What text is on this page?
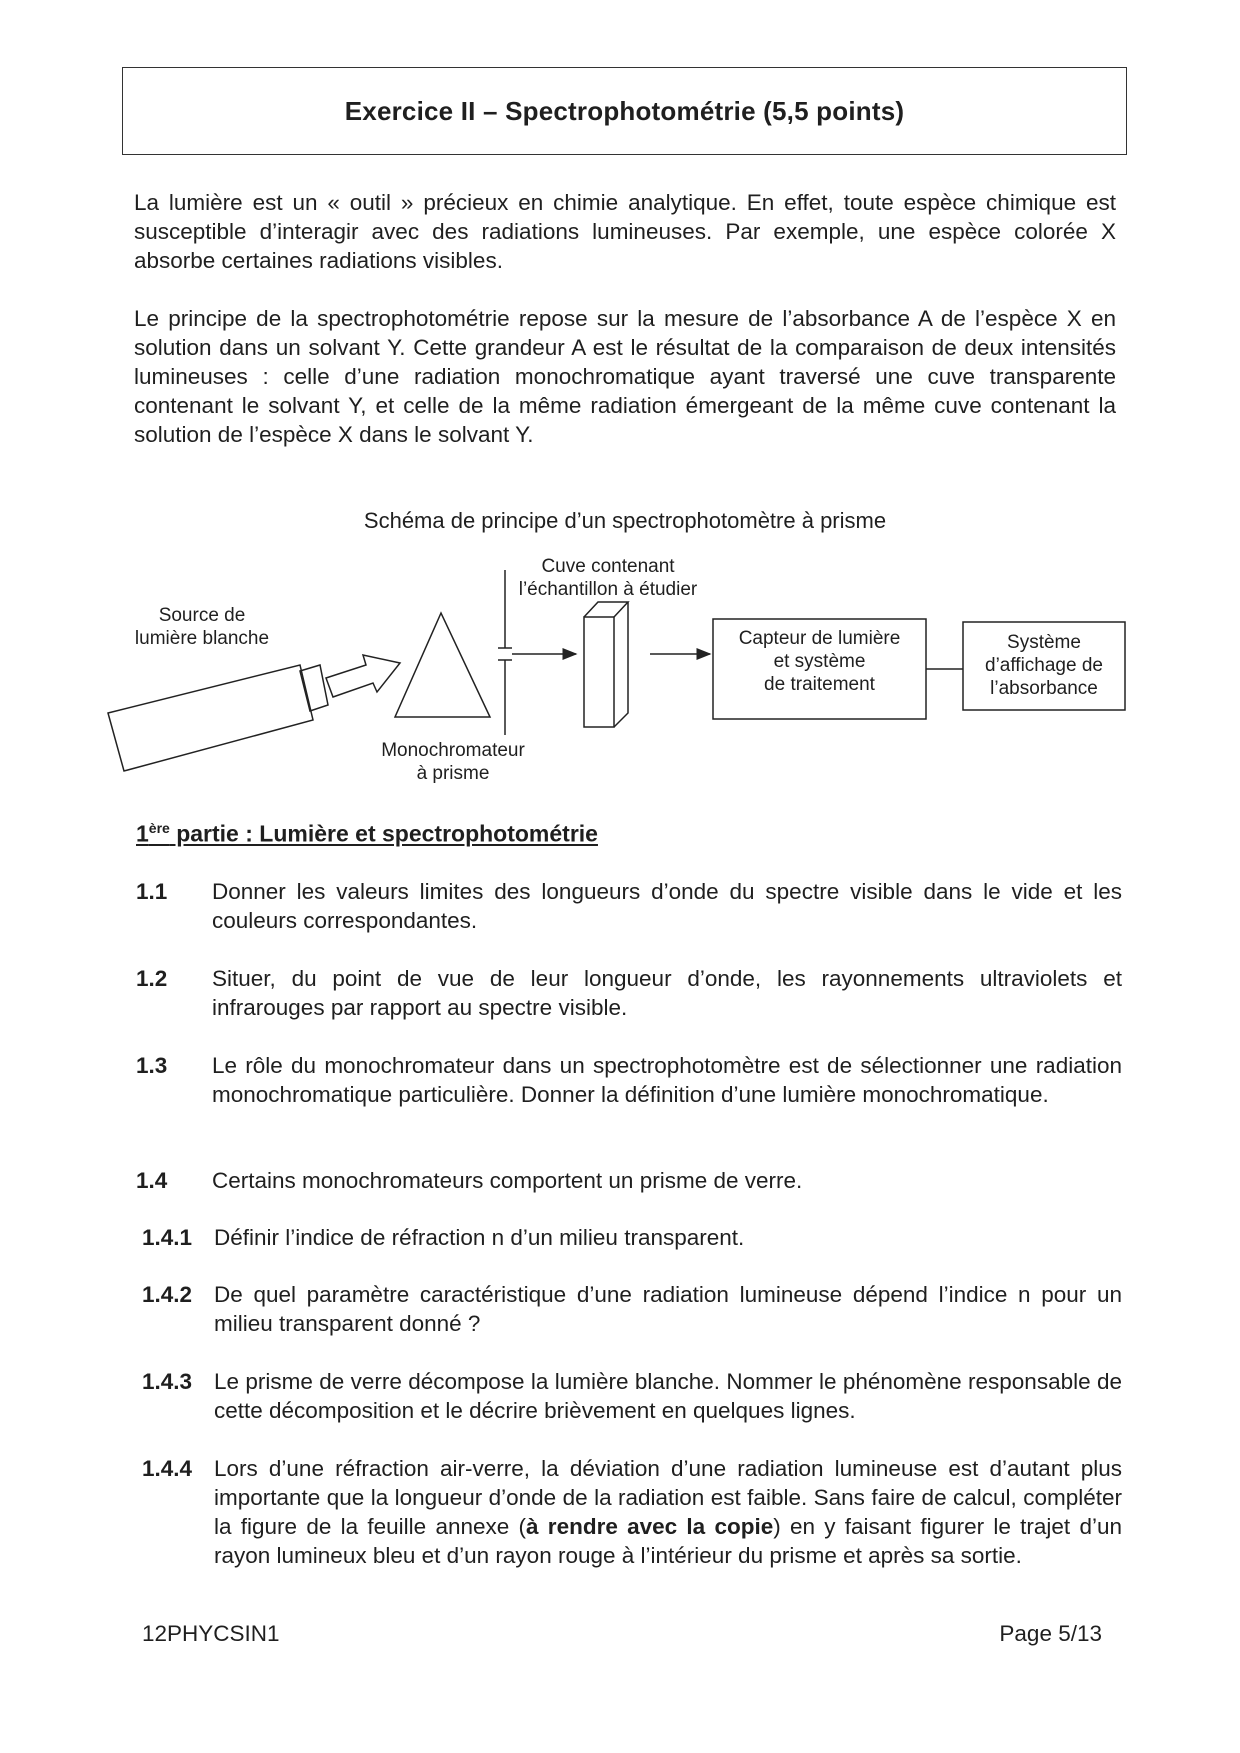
Exercice II – Spectrophotométrie (5,5 points)

La lumière est un « outil » précieux en chimie analytique. En effet, toute espèce chimique est susceptible d’interagir avec des radiations lumineuses. Par exemple, une espèce colorée X absorbe certaines radiations visibles.

Le principe de la spectrophotométrie repose sur la mesure de l’absorbance A de l’espèce X en solution dans un solvant Y. Cette grandeur A est le résultat de la comparaison de deux intensités lumineuses : celle d’une radiation monochromatique ayant traversé une cuve transparente contenant le solvant Y, et celle de la même radiation émergeant de la même cuve contenant la solution de l’espèce X dans le solvant Y.

Schéma de principe d’un spectrophotomètre à prisme
Source de
lumière blanche
Cuve contenant
l’échantillon à étudier
Monochromateur
à prisme
Capteur de lumière
et système
de traitement
Système
d’affichage de
l’absorbance
1ère partie : Lumière et spectrophotométrie
1.1 Donner les valeurs limites des longueurs d’onde du spectre visible dans le vide et les couleurs correspondantes.
1.2 Situer, du point de vue de leur longueur d’onde, les rayonnements ultraviolets et infrarouges par rapport au spectre visible.
1.3 Le rôle du monochromateur dans un spectrophotomètre est de sélectionner une radiation monochromatique particulière. Donner la définition d’une lumière monochromatique.
1.4 Certains monochromateurs comportent un prisme de verre.
1.4.1 Définir l’indice de réfraction n d’un milieu transparent.
1.4.2 De quel paramètre caractéristique d’une radiation lumineuse dépend l’indice n pour un milieu transparent donné ?
1.4.3 Le prisme de verre décompose la lumière blanche. Nommer le phénomène responsable de cette décomposition et le décrire brièvement en quelques lignes.
1.4.4 Lors d’une réfraction air-verre, la déviation d’une radiation lumineuse est d’autant plus importante que la longueur d’onde de la radiation est faible. Sans faire de calcul, compléter la figure de la feuille annexe (à rendre avec la copie) en y faisant figurer le trajet d’un rayon lumineux bleu et d’un rayon rouge à l’intérieur du prisme et après sa sortie.
12PHYCSIN1	Page 5/13
